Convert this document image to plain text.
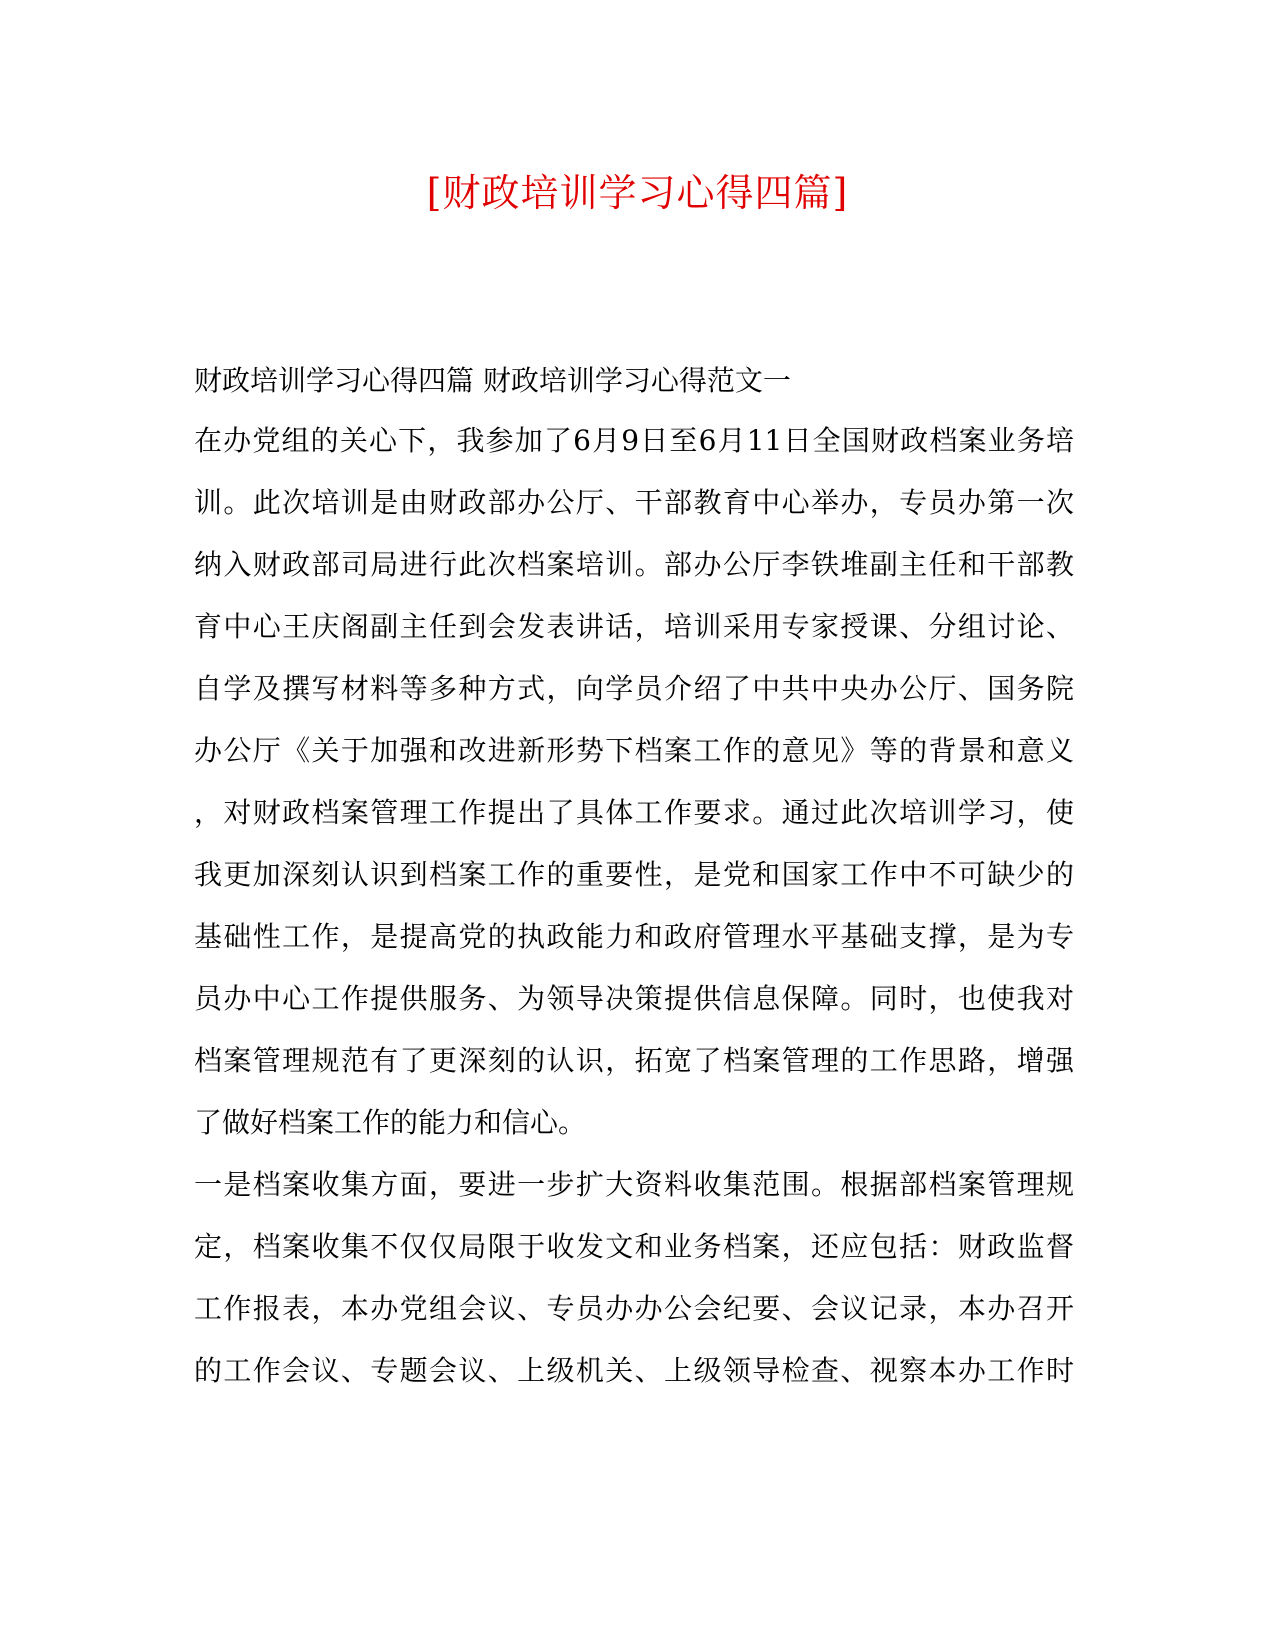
[财政培训学习心得四篇]
财政培训学习心得四篇 财政培训学习心得范文一
在办党组的关心下，我参加了6月9日至6月11日全国财政档案业务培
训。此次培训是由财政部办公厅、干部教育中心举办，专员办第一次
纳入财政部司局进行此次档案培训。部办公厅李铁堆副主任和干部教
育中心王庆阁副主任到会发表讲话，培训采用专家授课、分组讨论、
自学及撰写材料等多种方式，向学员介绍了中共中央办公厅、国务院
办公厅《关于加强和改进新形势下档案工作的意见》等的背景和意义
，对财政档案管理工作提出了具体工作要求。通过此次培训学习，使
我更加深刻认识到档案工作的重要性，是党和国家工作中不可缺少的
基础性工作，是提高党的执政能力和政府管理水平基础支撑，是为专
员办中心工作提供服务、为领导决策提供信息保障。同时，也使我对
档案管理规范有了更深刻的认识，拓宽了档案管理的工作思路，增强
了做好档案工作的能力和信心。
一是档案收集方面，要进一步扩大资料收集范围。根据部档案管理规
定，档案收集不仅仅局限于收发文和业务档案，还应包括：财政监督
工作报表，本办党组会议、专员办办公会纪要、会议记录，本办召开
的工作会议、专题会议、上级机关、上级领导检查、视察本办工作时
